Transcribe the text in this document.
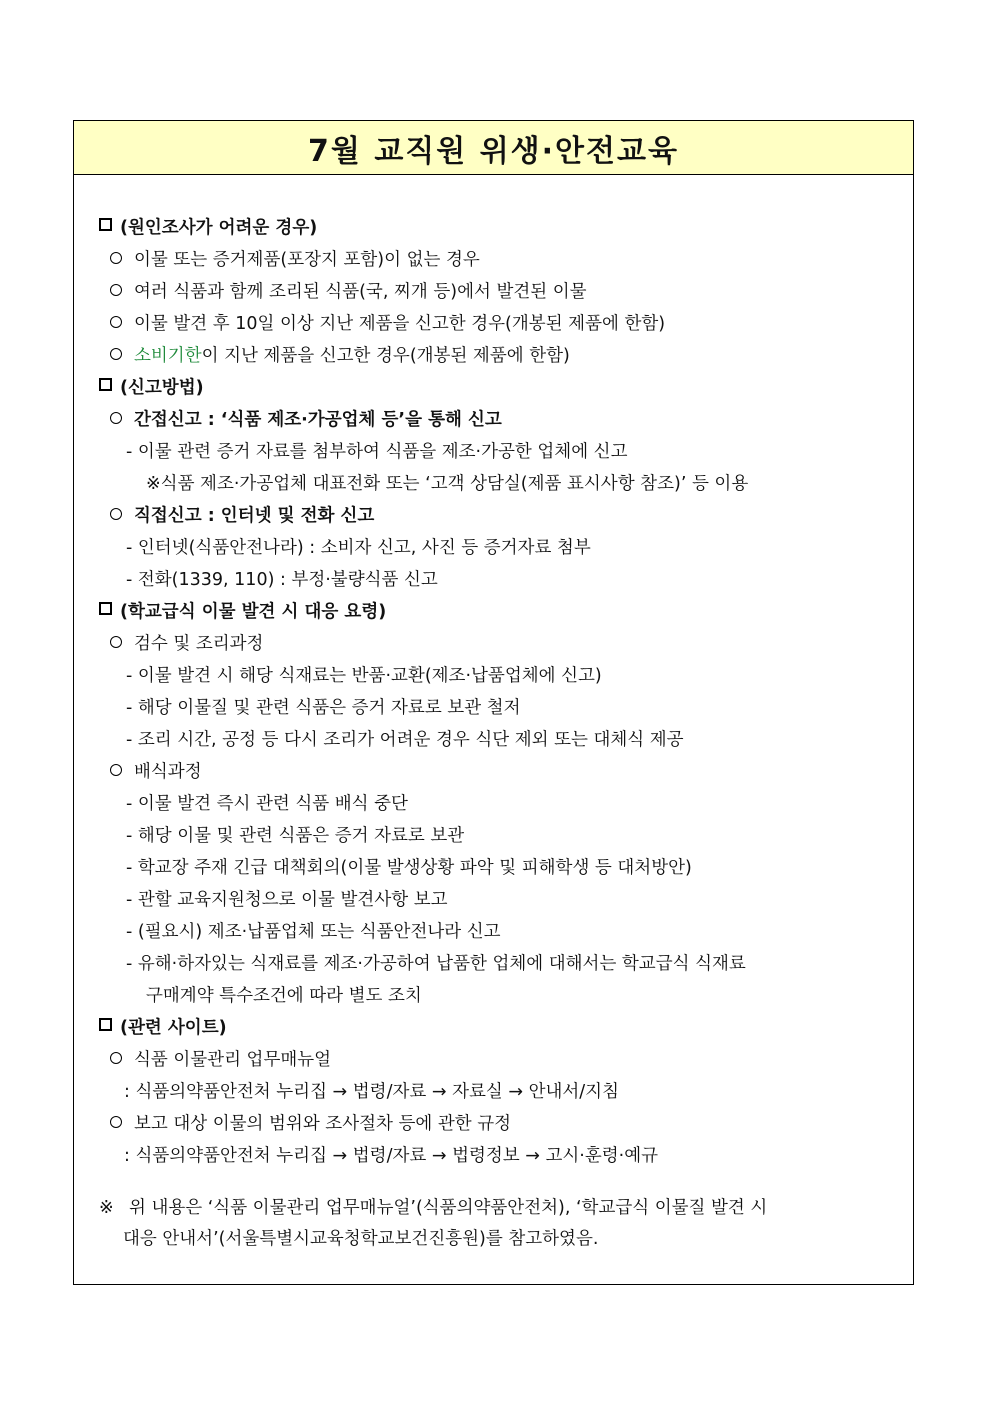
7월 교직원 위생·안전교육
(원인조사가 어려운 경우)
이물 또는 증거제품(포장지 포함)이 없는 경우
여러 식품과 함께 조리된 식품(국, 찌개 등)에서 발견된 이물
이물 발견 후 10일 이상 지난 제품을 신고한 경우(개봉된 제품에 한함)
소비기한이 지난 제품을 신고한 경우(개봉된 제품에 한함)
(신고방법)
간접신고 : ‘식품 제조·가공업체 등’을 통해 신고
- 이물 관련 증거 자료를 첨부하여 식품을 제조·가공한 업체에 신고
※식품 제조·가공업체 대표전화 또는 ‘고객 상담실(제품 표시사항 참조)’ 등 이용
직접신고 : 인터넷 및 전화 신고
- 인터넷(식품안전나라) : 소비자 신고, 사진 등 증거자료 첨부
- 전화(1339, 110) : 부정·불량식품 신고
(학교급식 이물 발견 시 대응 요령)
검수 및 조리과정
- 이물 발견 시 해당 식재료는 반품·교환(제조·납품업체에 신고)
- 해당 이물질 및 관련 식품은 증거 자료로 보관 철저
- 조리 시간, 공정 등 다시 조리가 어려운 경우 식단 제외 또는 대체식 제공
배식과정
- 이물 발견 즉시 관련 식품 배식 중단
- 해당 이물 및 관련 식품은 증거 자료로 보관
- 학교장 주재 긴급 대책회의(이물 발생상황 파악 및 피해학생 등 대처방안)
- 관할 교육지원청으로 이물 발견사항 보고
- (필요시) 제조·납품업체 또는 식품안전나라 신고
- 유해·하자있는 식재료를 제조·가공하여 납품한 업체에 대해서는 학교급식 식재료
구매계약 특수조건에 따라 별도 조치
(관련 사이트)
식품 이물관리 업무매뉴얼
: 식품의약품안전처 누리집 → 법령/자료 → 자료실 → 안내서/지침
보고 대상 이물의 범위와 조사절차 등에 관한 규정
: 식품의약품안전처 누리집 → 법령/자료 → 법령정보 → 고시·훈령·예규
※ 위 내용은 ‘식품 이물관리 업무매뉴얼’(식품의약품안전처), ‘학교급식 이물질 발견 시
대응 안내서’(서울특별시교육청학교보건진흥원)를 참고하였음.
